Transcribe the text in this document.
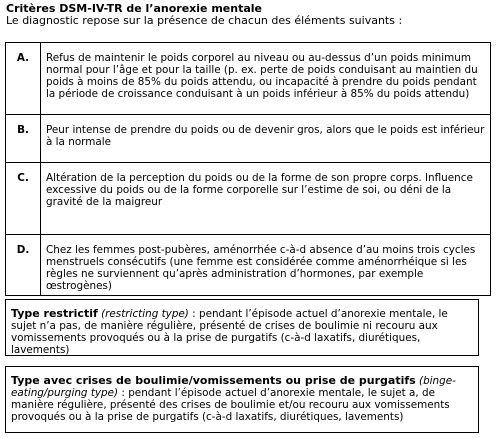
Critères DSM-IV-TR de l’anorexie mentale
Le diagnostic repose sur la présence de chacun des éléments suivants :
A.	Refus de maintenir le poids corporel au niveau ou au-dessus d’un poids minimum normal pour l’âge et pour la taille (p. ex. perte de poids conduisant au maintien du poids à moins de 85% du poids attendu, ou incapacité à prendre du poids pendant la période de croissance conduisant à un poids inférieur à 85% du poids attendu)
B.	Peur intense de prendre du poids ou de devenir gros, alors que le poids est inférieur à la normale
C.	Altération de la perception du poids ou de la forme de son propre corps. Influence excessive du poids ou de la forme corporelle sur l’estime de soi, ou déni de la gravité de la maigreur
D.	Chez les femmes post-pubères, aménorrhée c-à-d absence d’au moins trois cycles menstruels consécutifs (une femme est considérée comme aménorrhéique si les règles ne surviennent qu’après administration d’hormones, par exemple œstrogènes)
Type restrictif (restricting type) : pendant l’épisode actuel d’anorexie mentale, le sujet n’a pas, de manière régulière, présenté de crises de boulimie ni recouru aux vomissements provoqués ou à la prise de purgatifs (c-à-d laxatifs, diurétiques, lavements)
Type avec crises de boulimie/vomissements ou prise de purgatifs (binge-eating/purging type) : pendant l’épisode actuel d’anorexie mentale, le sujet a, de manière régulière, présenté des crises de boulimie et/ou recouru aux vomissements provoqués ou à la prise de purgatifs (c-à-d laxatifs, diurétiques, lavements)
